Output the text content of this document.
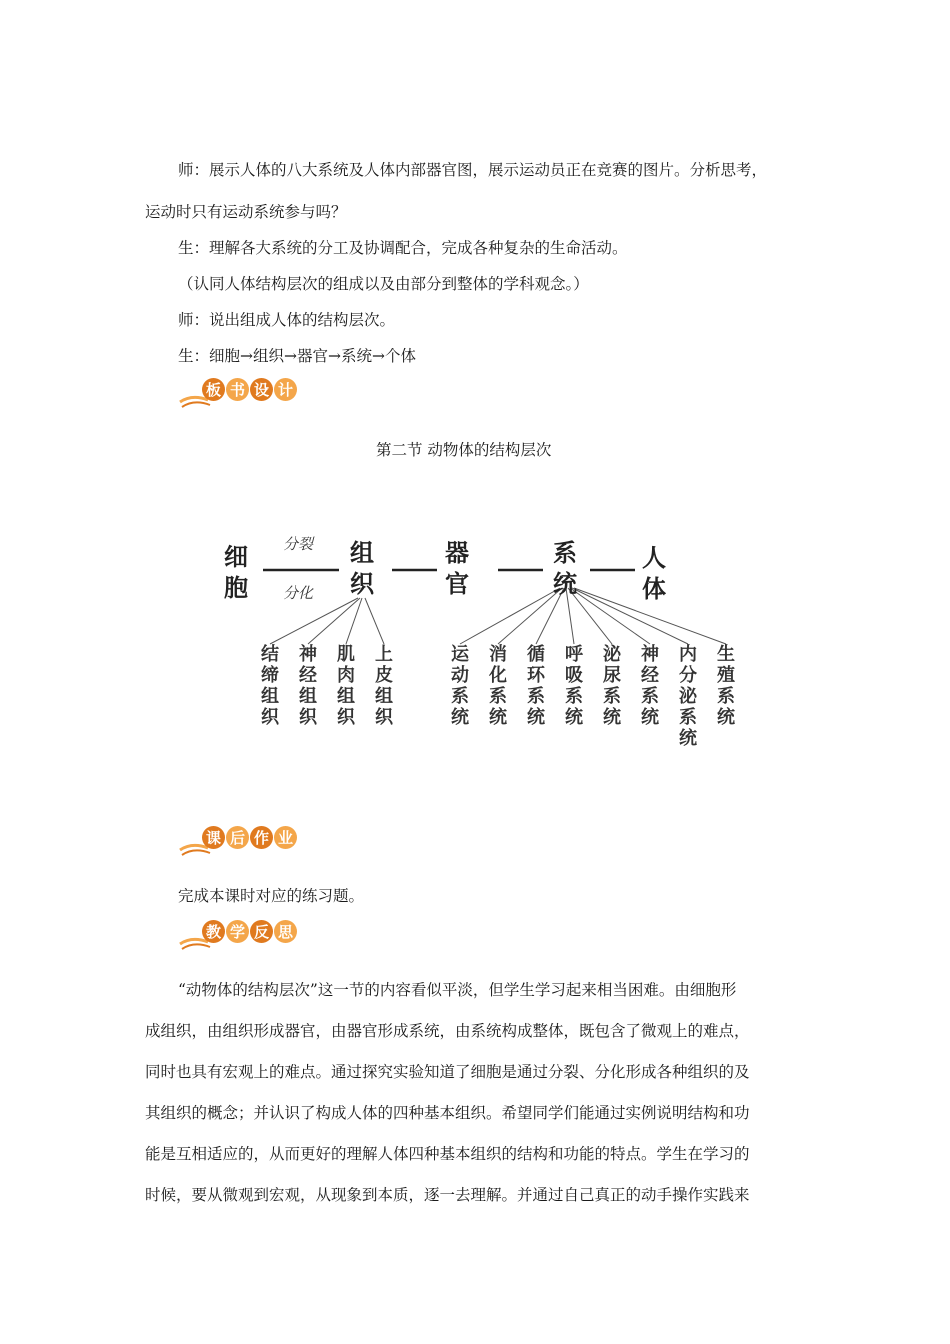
师：展示人体的八大系统及人体内部器官图，展示运动员正在竞赛的图片。分析思考，
运动时只有运动系统参与吗？
生：理解各大系统的分工及协调配合，完成各种复杂的生命活动。
（认同人体结构层次的组成以及由部分到整体的学科观念。）
师：说出组成人体的结构层次。
生：细胞→组织→器官→系统→个体
板 书 设 计
第二节 动物体的结构层次
细胞
分裂
分化
组织
器官
系统
人体
结缔组织
神经组织
肌肉组织
上皮组织
运动系统
消化系统
循环系统
呼吸系统
泌尿系统
神经系统
内分泌系统
生殖系统
课 后 作 业
完成本课时对应的练习题。
教 学 反 思
“动物体的结构层次”这一节的内容看似平淡，但学生学习起来相当困难。由细胞形
成组织，由组织形成器官，由器官形成系统，由系统构成整体，既包含了微观上的难点，
同时也具有宏观上的难点。通过探究实验知道了细胞是通过分裂、分化形成各种组织的及
其组织的概念；并认识了构成人体的四种基本组织。希望同学们能通过实例说明结构和功
能是互相适应的，从而更好的理解人体四种基本组织的结构和功能的特点。学生在学习的
时候，要从微观到宏观，从现象到本质，逐一去理解。并通过自己真正的动手操作实践来
